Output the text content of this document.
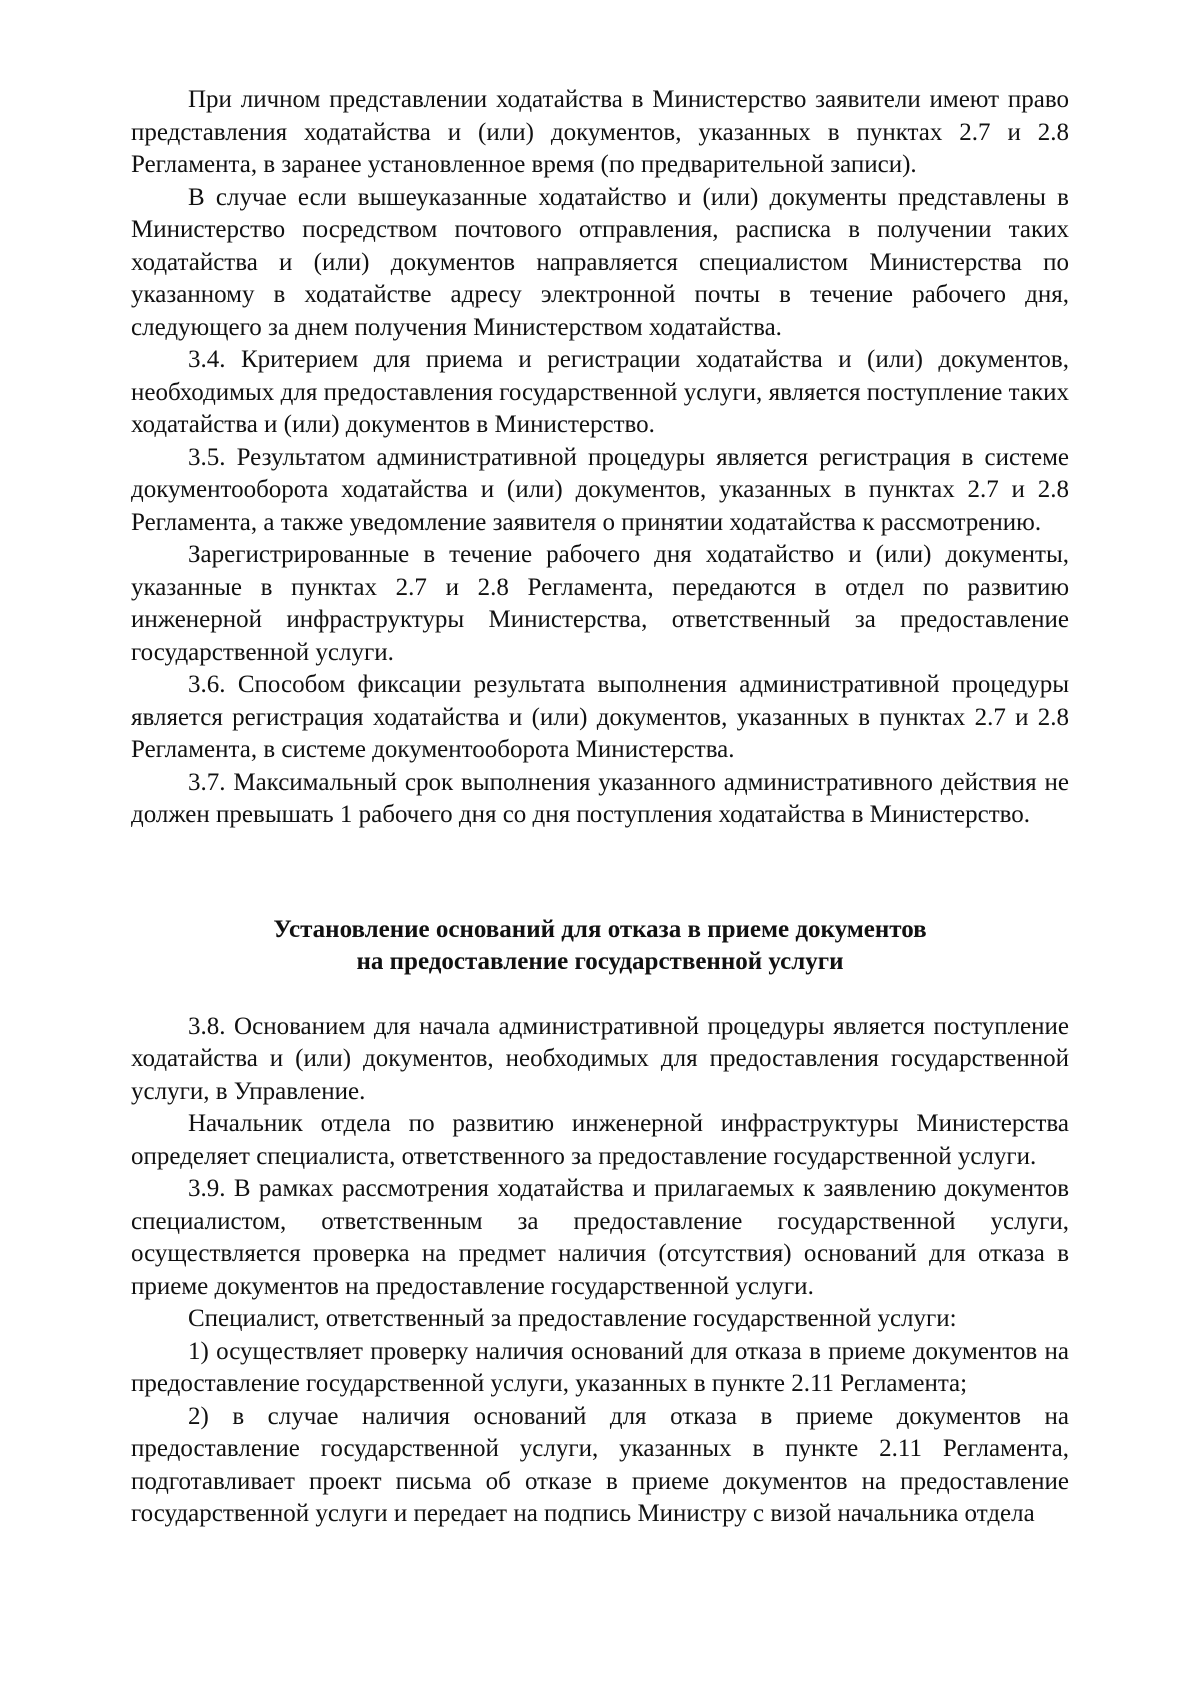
При личном представлении ходатайства в Министерство заявители имеют право представления ходатайства и (или) документов, указанных в пунктах 2.7 и 2.8 Регламента, в заранее установленное время (по предварительной записи).

В случае если вышеуказанные ходатайство и (или) документы представлены в Министерство посредством почтового отправления, расписка в получении таких ходатайства и (или) документов направляется специалистом Министерства по указанному в ходатайстве адресу электронной почты в течение рабочего дня, следующего за днем получения Министерством ходатайства.

3.4. Критерием для приема и регистрации ходатайства и (или) документов, необходимых для предоставления государственной услуги, является поступление таких ходатайства и (или) документов в Министерство.

3.5. Результатом административной процедуры является регистрация в системе документооборота ходатайства и (или) документов, указанных в пунктах 2.7 и 2.8 Регламента, а также уведомление заявителя о принятии ходатайства к рассмотрению.

Зарегистрированные в течение рабочего дня ходатайство и (или) документы, указанные в пунктах 2.7 и 2.8 Регламента, передаются в отдел по развитию инженерной инфраструктуры Министерства, ответственный за предоставление государственной услуги.

3.6. Способом фиксации результата выполнения административной процедуры является регистрация ходатайства и (или) документов, указанных в пунктах 2.7 и 2.8 Регламента, в системе документооборота Министерства.

3.7. Максимальный срок выполнения указанного административного действия не должен превышать 1 рабочего дня со дня поступления ходатайства в Министерство.

Установление оснований для отказа в приеме документов
на предоставление государственной услуги

3.8. Основанием для начала административной процедуры является поступление ходатайства и (или) документов, необходимых для предоставления государственной услуги, в Управление.

Начальник отдела по развитию инженерной инфраструктуры Министерства определяет специалиста, ответственного за предоставление государственной услуги.

3.9. В рамках рассмотрения ходатайства и прилагаемых к заявлению документов специалистом, ответственным за предоставление государственной услуги, осуществляется проверка на предмет наличия (отсутствия) оснований для отказа в приеме документов на предоставление государственной услуги.

Специалист, ответственный за предоставление государственной услуги:

1) осуществляет проверку наличия оснований для отказа в приеме документов на предоставление государственной услуги, указанных в пункте 2.11 Регламента;

2) в случае наличия оснований для отказа в приеме документов на предоставление государственной услуги, указанных в пункте 2.11 Регламента, подготавливает проект письма об отказе в приеме документов на предоставление государственной услуги и передает на подпись Министру с визой начальника отдела
